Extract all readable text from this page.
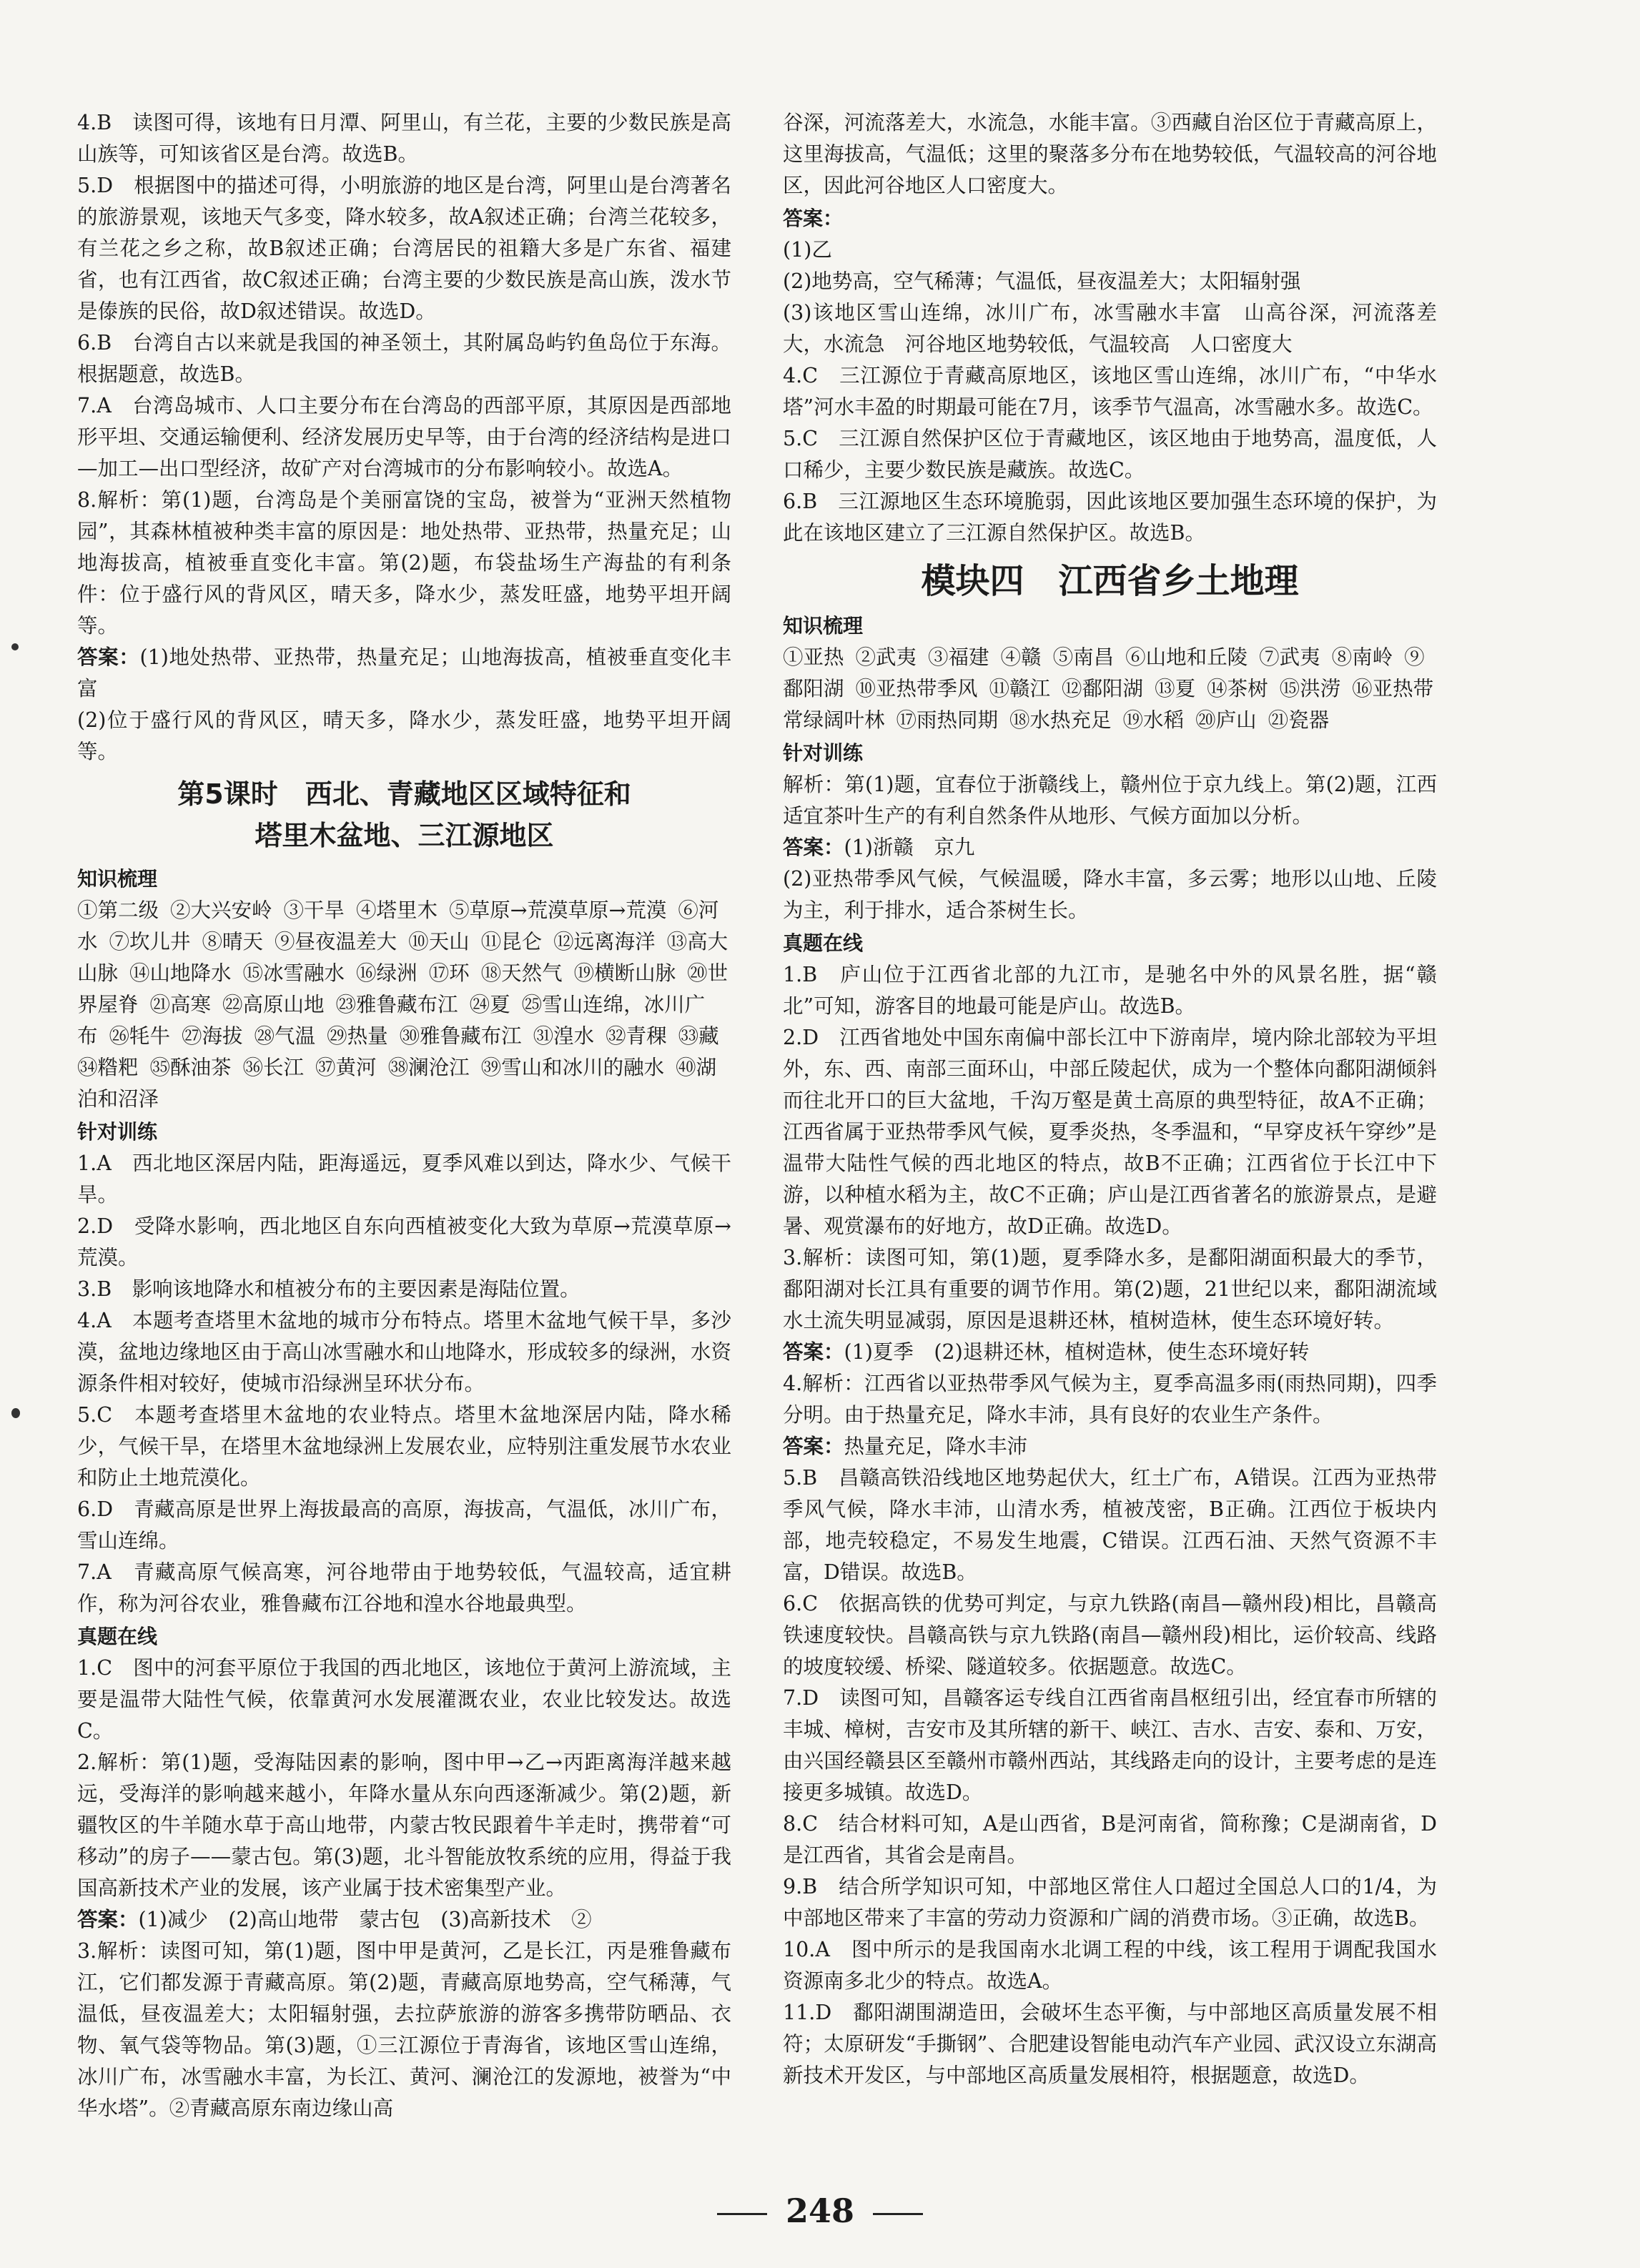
4.B　读图可得，该地有日月潭、阿里山，有兰花，主要的少数民族是高山族等，可知该省区是台湾。故选B。

5.D　根据图中的描述可得，小明旅游的地区是台湾，阿里山是台湾著名的旅游景观，该地天气多变，降水较多，故A叙述正确；台湾兰花较多，有兰花之乡之称，故B叙述正确；台湾居民的祖籍大多是广东省、福建省，也有江西省，故C叙述正确；台湾主要的少数民族是高山族，泼水节是傣族的民俗，故D叙述错误。故选D。

6.B　台湾自古以来就是我国的神圣领土，其附属岛屿钓鱼岛位于东海。根据题意，故选B。

7.A　台湾岛城市、人口主要分布在台湾岛的西部平原，其原因是西部地形平坦、交通运输便利、经济发展历史早等，由于台湾的经济结构是进口—加工—出口型经济，故矿产对台湾城市的分布影响较小。故选A。

8.解析：第(1)题，台湾岛是个美丽富饶的宝岛，被誉为“亚洲天然植物园”，其森林植被种类丰富的原因是：地处热带、亚热带，热量充足；山地海拔高，植被垂直变化丰富。第(2)题，布袋盐场生产海盐的有利条件：位于盛行风的背风区，晴天多，降水少，蒸发旺盛，地势平坦开阔等。

答案：(1)地处热带、亚热带，热量充足；山地海拔高，植被垂直变化丰富

(2)位于盛行风的背风区，晴天多，降水少，蒸发旺盛，地势平坦开阔等。

第5课时　西北、青藏地区区域特征和
塔里木盆地、三江源地区

知识梳理

①第二级 ②大兴安岭 ③干旱 ④塔里木 ⑤草原→荒漠草原→荒漠 ⑥河水 ⑦坎儿井 ⑧晴天 ⑨昼夜温差大 ⑩天山 ⑪昆仑 ⑫远离海洋 ⑬高大山脉 ⑭山地降水 ⑮冰雪融水 ⑯绿洲 ⑰环 ⑱天然气 ⑲横断山脉 ⑳世界屋脊 ㉑高寒 ㉒高原山地 ㉓雅鲁藏布江 ㉔夏 ㉕雪山连绵，冰川广布 ㉖牦牛 ㉗海拔 ㉘气温 ㉙热量 ㉚雅鲁藏布江 ㉛湟水 ㉜青稞 ㉝藏㉞糌粑 ㉟酥油茶 ㊱长江 ㊲黄河 ㊳澜沧江 ㊴雪山和冰川的融水 ㊵湖泊和沼泽

针对训练

1.A　西北地区深居内陆，距海遥远，夏季风难以到达，降水少、气候干旱。

2.D　受降水影响，西北地区自东向西植被变化大致为草原→荒漠草原→荒漠。

3.B　影响该地降水和植被分布的主要因素是海陆位置。

4.A　本题考查塔里木盆地的城市分布特点。塔里木盆地气候干旱，多沙漠，盆地边缘地区由于高山冰雪融水和山地降水，形成较多的绿洲，水资源条件相对较好，使城市沿绿洲呈环状分布。

5.C　本题考查塔里木盆地的农业特点。塔里木盆地深居内陆，降水稀少，气候干旱，在塔里木盆地绿洲上发展农业，应特别注重发展节水农业和防止土地荒漠化。

6.D　青藏高原是世界上海拔最高的高原，海拔高，气温低，冰川广布，雪山连绵。

7.A　青藏高原气候高寒，河谷地带由于地势较低，气温较高，适宜耕作，称为河谷农业，雅鲁藏布江谷地和湟水谷地最典型。

真题在线

1.C　图中的河套平原位于我国的西北地区，该地位于黄河上游流域，主要是温带大陆性气候，依靠黄河水发展灌溉农业，农业比较发达。故选C。

2.解析：第(1)题，受海陆因素的影响，图中甲→乙→丙距离海洋越来越远，受海洋的影响越来越小，年降水量从东向西逐渐减少。第(2)题，新疆牧区的牛羊随水草于高山地带，内蒙古牧民跟着牛羊走时，携带着“可移动”的房子——蒙古包。第(3)题，北斗智能放牧系统的应用，得益于我国高新技术产业的发展，该产业属于技术密集型产业。

答案：(1)减少　(2)高山地带　蒙古包　(3)高新技术　②

3.解析：读图可知，第(1)题，图中甲是黄河，乙是长江，丙是雅鲁藏布江，它们都发源于青藏高原。第(2)题，青藏高原地势高，空气稀薄，气温低，昼夜温差大；太阳辐射强，去拉萨旅游的游客多携带防晒品、衣物、氧气袋等物品。第(3)题，①三江源位于青海省，该地区雪山连绵，冰川广布，冰雪融水丰富，为长江、黄河、澜沧江的发源地，被誉为“中华水塔”。②青藏高原东南边缘山高

谷深，河流落差大，水流急，水能丰富。③西藏自治区位于青藏高原上，这里海拔高，气温低；这里的聚落多分布在地势较低，气温较高的河谷地区，因此河谷地区人口密度大。

答案：

(1)乙

(2)地势高，空气稀薄；气温低，昼夜温差大；太阳辐射强

(3)该地区雪山连绵，冰川广布，冰雪融水丰富　山高谷深，河流落差大，水流急　河谷地区地势较低，气温较高　人口密度大

4.C　三江源位于青藏高原地区，该地区雪山连绵，冰川广布，“中华水塔”河水丰盈的时期最可能在7月，该季节气温高，冰雪融水多。故选C。

5.C　三江源自然保护区位于青藏地区，该区地由于地势高，温度低，人口稀少，主要少数民族是藏族。故选C。

6.B　三江源地区生态环境脆弱，因此该地区要加强生态环境的保护，为此在该地区建立了三江源自然保护区。故选B。

模块四　江西省乡土地理

知识梳理

①亚热 ②武夷 ③福建 ④赣 ⑤南昌 ⑥山地和丘陵 ⑦武夷 ⑧南岭 ⑨鄱阳湖 ⑩亚热带季风 ⑪赣江 ⑫鄱阳湖 ⑬夏 ⑭茶树 ⑮洪涝 ⑯亚热带常绿阔叶林 ⑰雨热同期 ⑱水热充足 ⑲水稻 ⑳庐山 ㉑瓷器

针对训练

解析：第(1)题，宜春位于浙赣线上，赣州位于京九线上。第(2)题，江西适宜茶叶生产的有利自然条件从地形、气候方面加以分析。

答案：(1)浙赣　京九

(2)亚热带季风气候，气候温暖，降水丰富，多云雾；地形以山地、丘陵为主，利于排水，适合茶树生长。

真题在线

1.B　庐山位于江西省北部的九江市，是驰名中外的风景名胜，据“赣北”可知，游客目的地最可能是庐山。故选B。

2.D　江西省地处中国东南偏中部长江中下游南岸，境内除北部较为平坦外，东、西、南部三面环山，中部丘陵起伏，成为一个整体向鄱阳湖倾斜而往北开口的巨大盆地，千沟万壑是黄土高原的典型特征，故A不正确；江西省属于亚热带季风气候，夏季炎热，冬季温和，“早穿皮袄午穿纱”是温带大陆性气候的西北地区的特点，故B不正确；江西省位于长江中下游，以种植水稻为主，故C不正确；庐山是江西省著名的旅游景点，是避暑、观赏瀑布的好地方，故D正确。故选D。

3.解析：读图可知，第(1)题，夏季降水多，是鄱阳湖面积最大的季节，鄱阳湖对长江具有重要的调节作用。第(2)题，21世纪以来，鄱阳湖流域水土流失明显减弱，原因是退耕还林，植树造林，使生态环境好转。

答案：(1)夏季　(2)退耕还林，植树造林，使生态环境好转

4.解析：江西省以亚热带季风气候为主，夏季高温多雨(雨热同期)，四季分明。由于热量充足，降水丰沛，具有良好的农业生产条件。

答案：热量充足，降水丰沛

5.B　昌赣高铁沿线地区地势起伏大，红土广布，A错误。江西为亚热带季风气候，降水丰沛，山清水秀，植被茂密，B正确。江西位于板块内部，地壳较稳定，不易发生地震，C错误。江西石油、天然气资源不丰富，D错误。故选B。

6.C　依据高铁的优势可判定，与京九铁路(南昌—赣州段)相比，昌赣高铁速度较快。昌赣高铁与京九铁路(南昌—赣州段)相比，运价较高、线路的坡度较缓、桥梁、隧道较多。依据题意。故选C。

7.D　读图可知，昌赣客运专线自江西省南昌枢纽引出，经宜春市所辖的丰城、樟树，吉安市及其所辖的新干、峡江、吉水、吉安、泰和、万安，由兴国经赣县区至赣州市赣州西站，其线路走向的设计，主要考虑的是连接更多城镇。故选D。

8.C　结合材料可知，A是山西省，B是河南省，简称豫；C是湖南省，D是江西省，其省会是南昌。

9.B　结合所学知识可知，中部地区常住人口超过全国总人口的1/4，为中部地区带来了丰富的劳动力资源和广阔的消费市场。③正确，故选B。

10.A　图中所示的是我国南水北调工程的中线，该工程用于调配我国水资源南多北少的特点。故选A。

11.D　鄱阳湖围湖造田，会破坏生态平衡，与中部地区高质量发展不相符；太原研发“手撕钢”、合肥建设智能电动汽车产业园、武汉设立东湖高新技术开发区，与中部地区高质量发展相符，根据题意，故选D。

248
